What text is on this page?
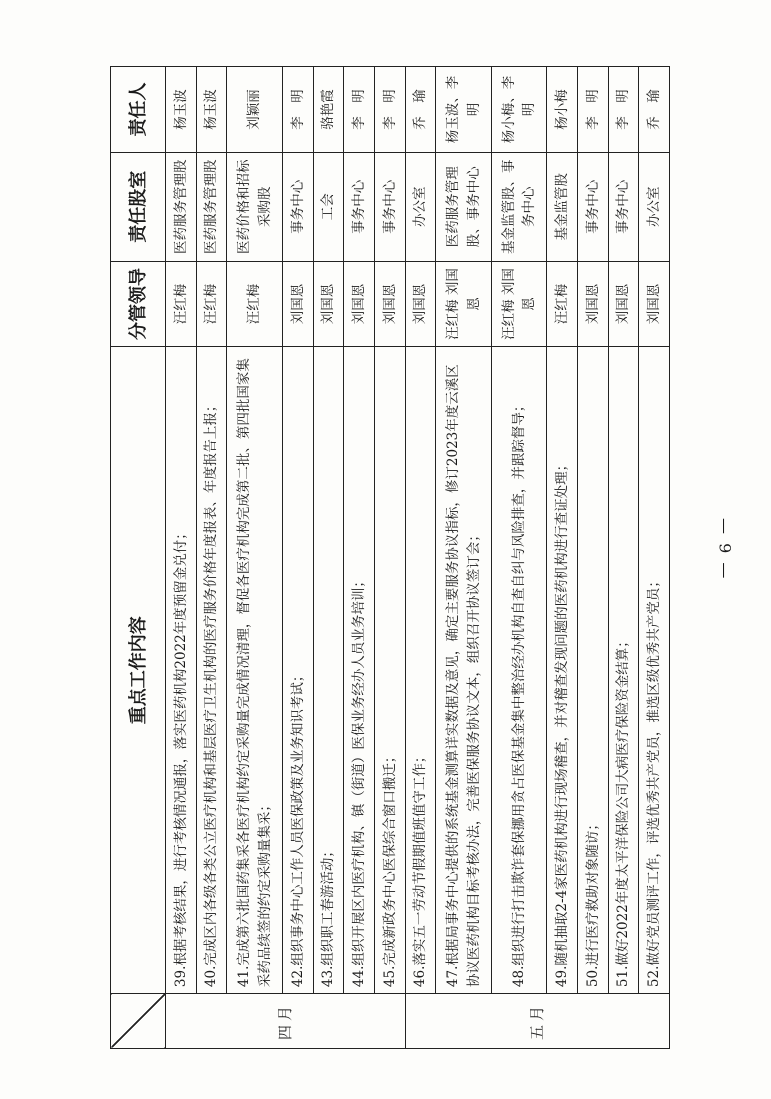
— 9 —
	重点工作内容	分管领导	责任股室	责任人
四月	39.根据考核结果，进行考核情况通报，落实医药机构2022年度预留金兑付；	汪红梅	医药服务管理股	杨玉波
	40.完成区内各级各类公立医疗机构和基层医疗卫生机构的医疗服务价格年度报表、年度报告上报；	汪红梅	医药服务管理股	杨玉波
	41.完成第六批国药集采各医疗机构约定采购量完成情况清理，督促各医疗机构完成第二批、第四批国家集采药品续签的约定采购量集采；	汪红梅	医药价格和招标采购股	刘颖丽
	42.组织事务中心工作人员医保政策及业务知识考试；	刘国恩	事务中心	李　明
	43.组织职工春游活动；	刘国恩	工会	骆艳霞
	44.组织开展区内医疗机构、镇（街道）医保业务经办人员业务培训；	刘国恩	事务中心	李　明
	45.完成新政务中心医保综合窗口搬迁；	刘国恩	事务中心	李　明
五月	46.落实五一劳动节假期值班值守工作；	刘国恩	办公室	乔　瑜
	47.根据局事务中心提供的系统基金测算详实数据及意见，确定主要服务协议指标，修订2023年度云溪区协议医药机构目标考核办法，完善医保服务协议文本，组织召开协议签订会；	汪红梅 刘国恩	医药服务管理股、事务中心	杨玉波、李　明
	48.组织进行打击欺诈套保挪用贪占医保基金集中整治经办机构自查自纠与风险排查，并跟踪督导；	汪红梅 刘国恩	基金监管股、事务中心	杨小梅、李　明
	49.随机抽取2-4家医药机构进行现场稽查，并对稽查发现问题的医药机构进行查证处理；	汪红梅	基金监管股	杨小梅
	50.进行医疗救助对象随访；	刘国恩	事务中心	李　明
	51.做好2022年度太平洋保险公司大病医疗保险资金结算；	刘国恩	事务中心	李　明
	52.做好党员测评工作，评选优秀共产党员，推选区级优秀共产党员；	刘国恩	办公室	乔　瑜
